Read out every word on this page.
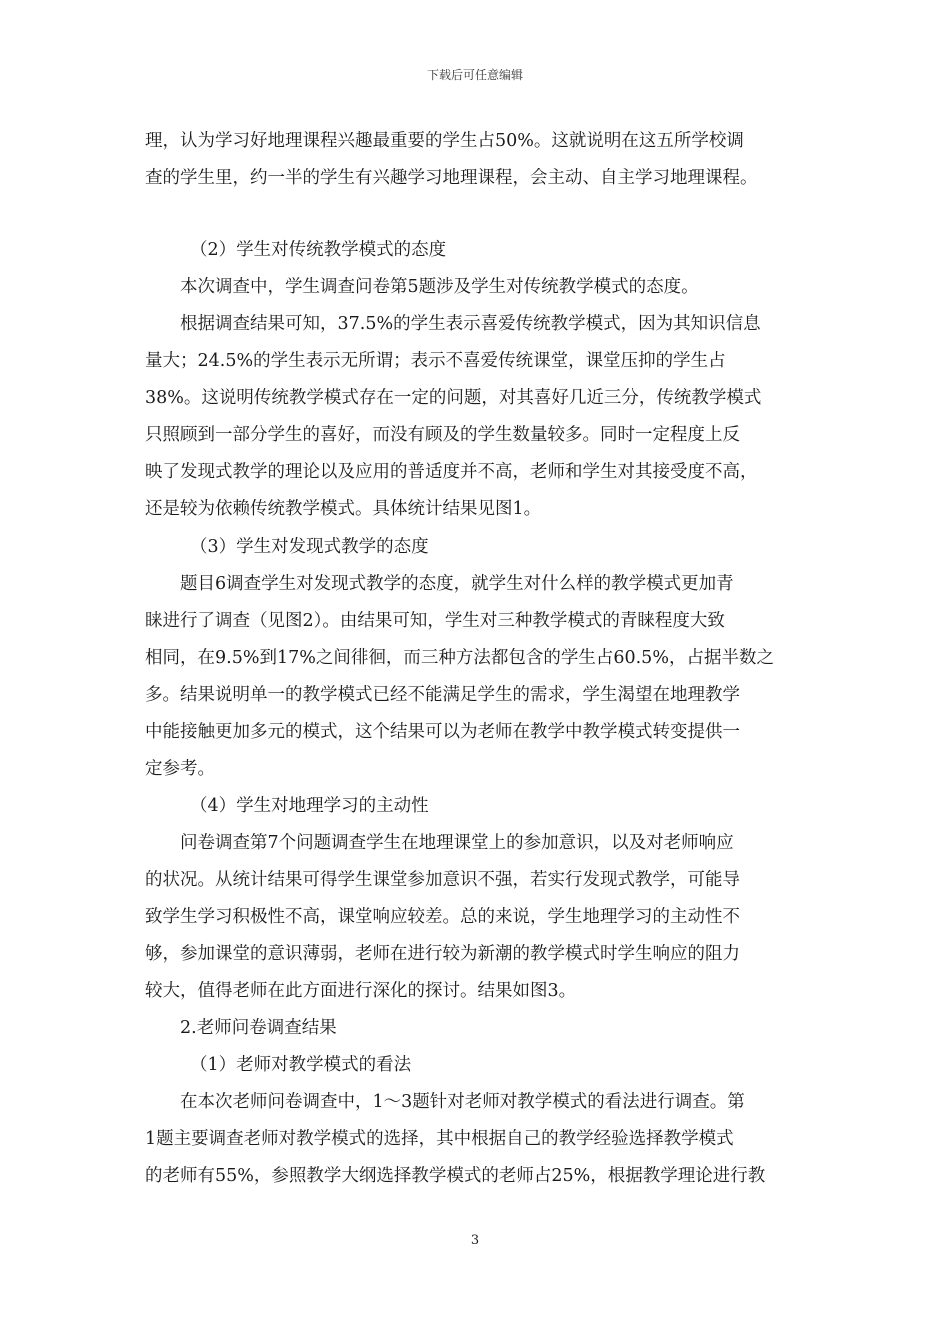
下载后可任意编辑
理，认为学习好地理课程兴趣最重要的学生占50%。这就说明在这五所学校调
查的学生里，约一半的学生有兴趣学习地理课程，会主动、自主学习地理课程。
（2）学生对传统教学模式的态度
本次调查中，学生调查问卷第5题涉及学生对传统教学模式的态度。
根据调查结果可知，37.5%的学生表示喜爱传统教学模式，因为其知识信息
量大；24.5%的学生表示无所谓；表示不喜爱传统课堂，课堂压抑的学生占
38%。这说明传统教学模式存在一定的问题，对其喜好几近三分，传统教学模式
只照顾到一部分学生的喜好，而没有顾及的学生数量较多。同时一定程度上反
映了发现式教学的理论以及应用的普适度并不高，老师和学生对其接受度不高，
还是较为依赖传统教学模式。具体统计结果见图1。
（3）学生对发现式教学的态度
题目6调查学生对发现式教学的态度，就学生对什么样的教学模式更加青
睐进行了调查（见图2）。由结果可知，学生对三种教学模式的青睐程度大致
相同，在9.5%到17%之间徘徊，而三种方法都包含的学生占60.5%，占据半数之
多。结果说明单一的教学模式已经不能满足学生的需求，学生渴望在地理教学
中能接触更加多元的模式，这个结果可以为老师在教学中教学模式转变提供一
定参考。
（4）学生对地理学习的主动性
问卷调查第7个问题调查学生在地理课堂上的参加意识，以及对老师响应
的状况。从统计结果可得学生课堂参加意识不强，若实行发现式教学，可能导
致学生学习积极性不高，课堂响应较差。总的来说，学生地理学习的主动性不
够，参加课堂的意识薄弱，老师在进行较为新潮的教学模式时学生响应的阻力
较大，值得老师在此方面进行深化的探讨。结果如图3。
2.老师问卷调查结果
（1）老师对教学模式的看法
在本次老师问卷调查中，1～3题针对老师对教学模式的看法进行调查。第
1题主要调查老师对教学模式的选择，其中根据自己的教学经验选择教学模式
的老师有55%，参照教学大纲选择教学模式的老师占25%，根据教学理论进行教
3
